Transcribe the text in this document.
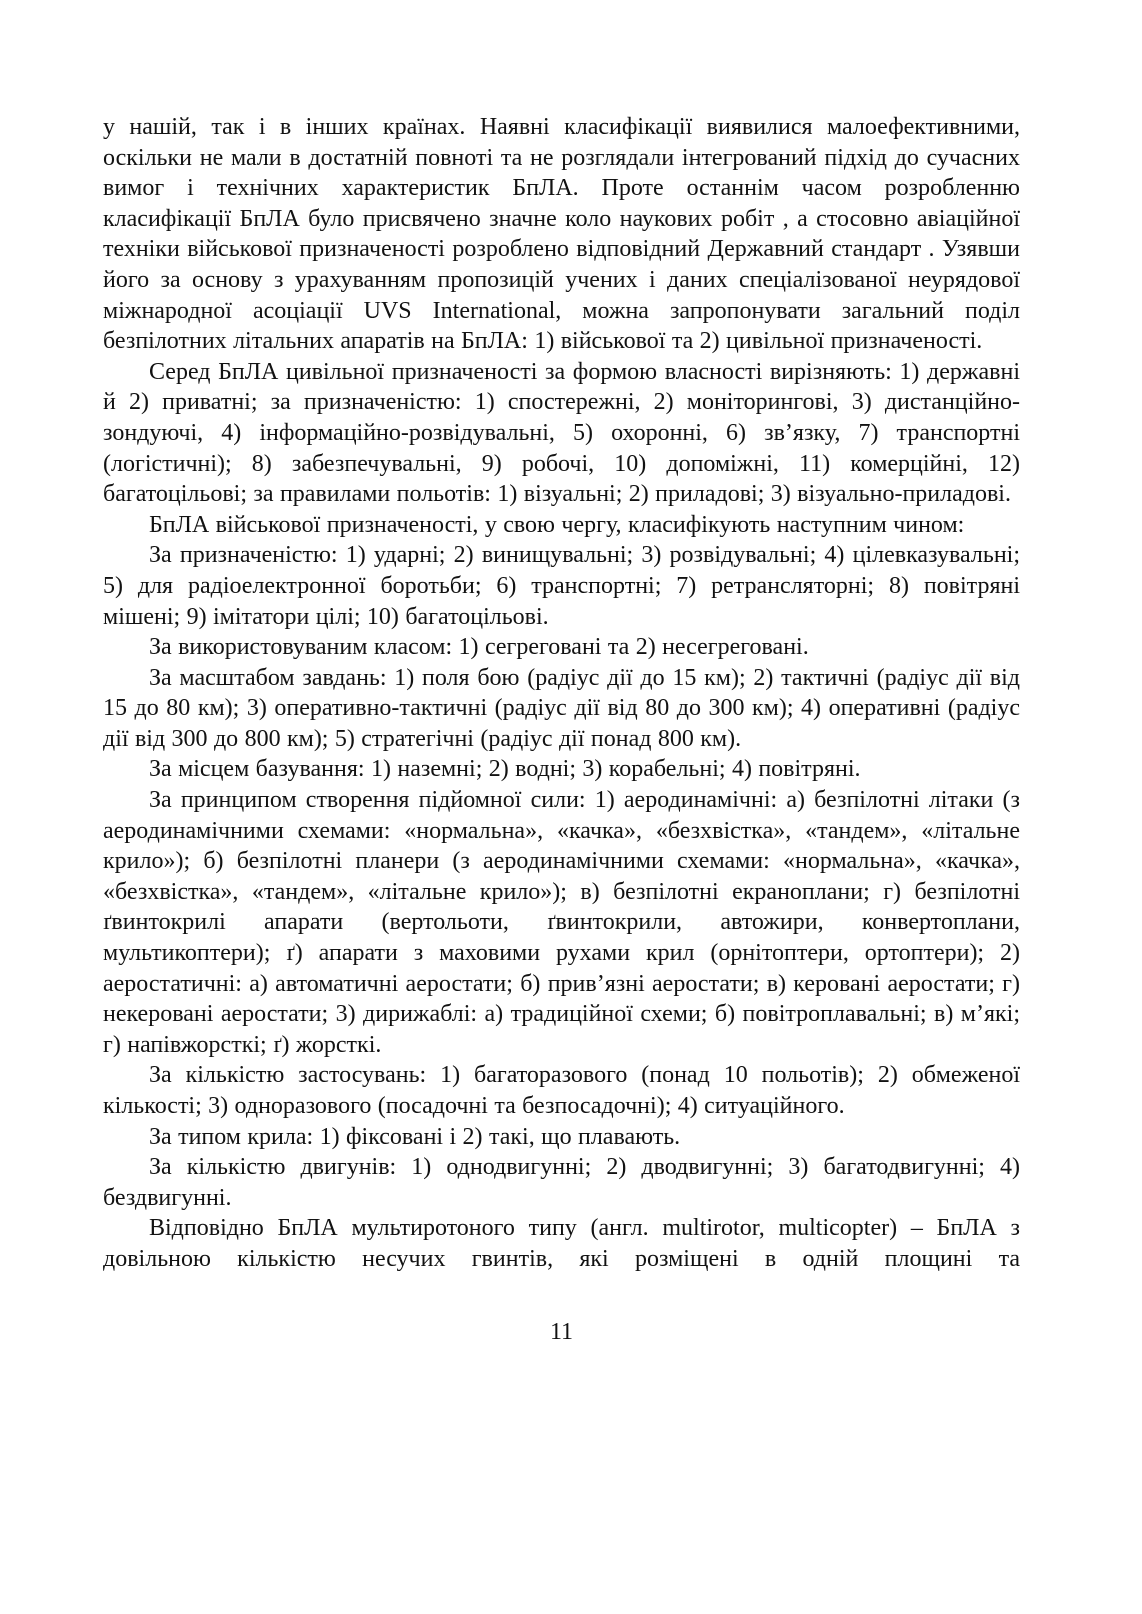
у нашій, так і в інших країнах. Наявні класифікації виявилися малоефективними, оскільки не мали в достатній повноті та не розглядали інтегрований підхід до сучасних вимог і технічних характеристик БпЛА. Проте останнім часом розробленню класифікації БпЛА було присвячено значне коло наукових робіт , а стосовно авіаційної техніки військової призначеності розроблено відповідний Державний стандарт . Узявши його за основу з урахуванням пропозицій учених і даних спеціалізованої неурядової міжнародної асоціації UVS International, можна запропонувати загальний поділ безпілотних літальних апаратів на БпЛА: 1) військової та 2) цивільної призначеності.

Серед БпЛА цивільної призначеності за формою власності вирізняють: 1) державні й 2) приватні; за призначеністю: 1) спостережні, 2) моніторингові, 3) дистанційно-зондуючі, 4) інформаційно-розвідувальні, 5) охоронні, 6) зв’язку, 7) транспортні (логістичні); 8) забезпечувальні, 9) робочі, 10) допоміжні, 11) комерційні, 12) багатоцільові; за правилами польотів: 1) візуальні; 2) приладові; 3) візуально-приладові.

БпЛА військової призначеності, у свою чергу, класифікують наступним чином:

За призначеністю: 1) ударні; 2) винищувальні; 3) розвідувальні; 4) цілевказувальні; 5) для радіоелектронної боротьби; 6) транспортні; 7) ретрансляторні; 8) повітряні мішені; 9) імітатори цілі; 10) багатоцільові.

За використовуваним класом: 1) сегреговані та 2) несегреговані.

За масштабом завдань: 1) поля бою (радіус дії до 15 км); 2) тактичні (радіус дії від 15 до 80 км); 3) оперативно-тактичні (радіус дії від 80 до 300 км); 4) оперативні (радіус дії від 300 до 800 км); 5) стратегічні (радіус дії понад 800 км).

За місцем базування: 1) наземні; 2) водні; 3) корабельні; 4) повітряні.

За принципом створення підйомної сили: 1) аеродинамічні: а) безпілотні літаки (з аеродинамічними схемами: «нормальна», «качка», «безхвістка», «тандем», «літальне крило»); б) безпілотні планери (з аеродинамічними схемами: «нормальна», «качка», «безхвістка», «тандем», «літальне крило»); в) безпілотні екраноплани; г) безпілотні ґвинтокрилі апарати (вертольоти, ґвинтокрили, автожири, конвертоплани, мультикоптери); ґ) апарати з маховими рухами крил (орнітоптери, ортоптери); 2) аеростатичні: а) автоматичні аеростати; б) прив’язні аеростати; в) керовані аеростати; г) некеровані аеростати; 3) дирижаблі: а) традиційної схеми; б) повітроплавальні; в) м’які; г) напівжорсткі; ґ) жорсткі.

За кількістю застосувань: 1) багаторазового (понад 10 польотів); 2) обмеженої кількості; 3) одноразового (посадочні та безпосадочні); 4) ситуаційного.

За типом крила: 1) фіксовані і 2) такі, що плавають.

За кількістю двигунів: 1) однодвигунні; 2) дводвигунні; 3) багатодвигунні; 4) бездвигунні.

Відповідно БпЛА мультиротоного типу (англ. multirotor, multicopter) – БпЛА з довільною кількістю несучих гвинтів, які розміщені в одній площині та

11
